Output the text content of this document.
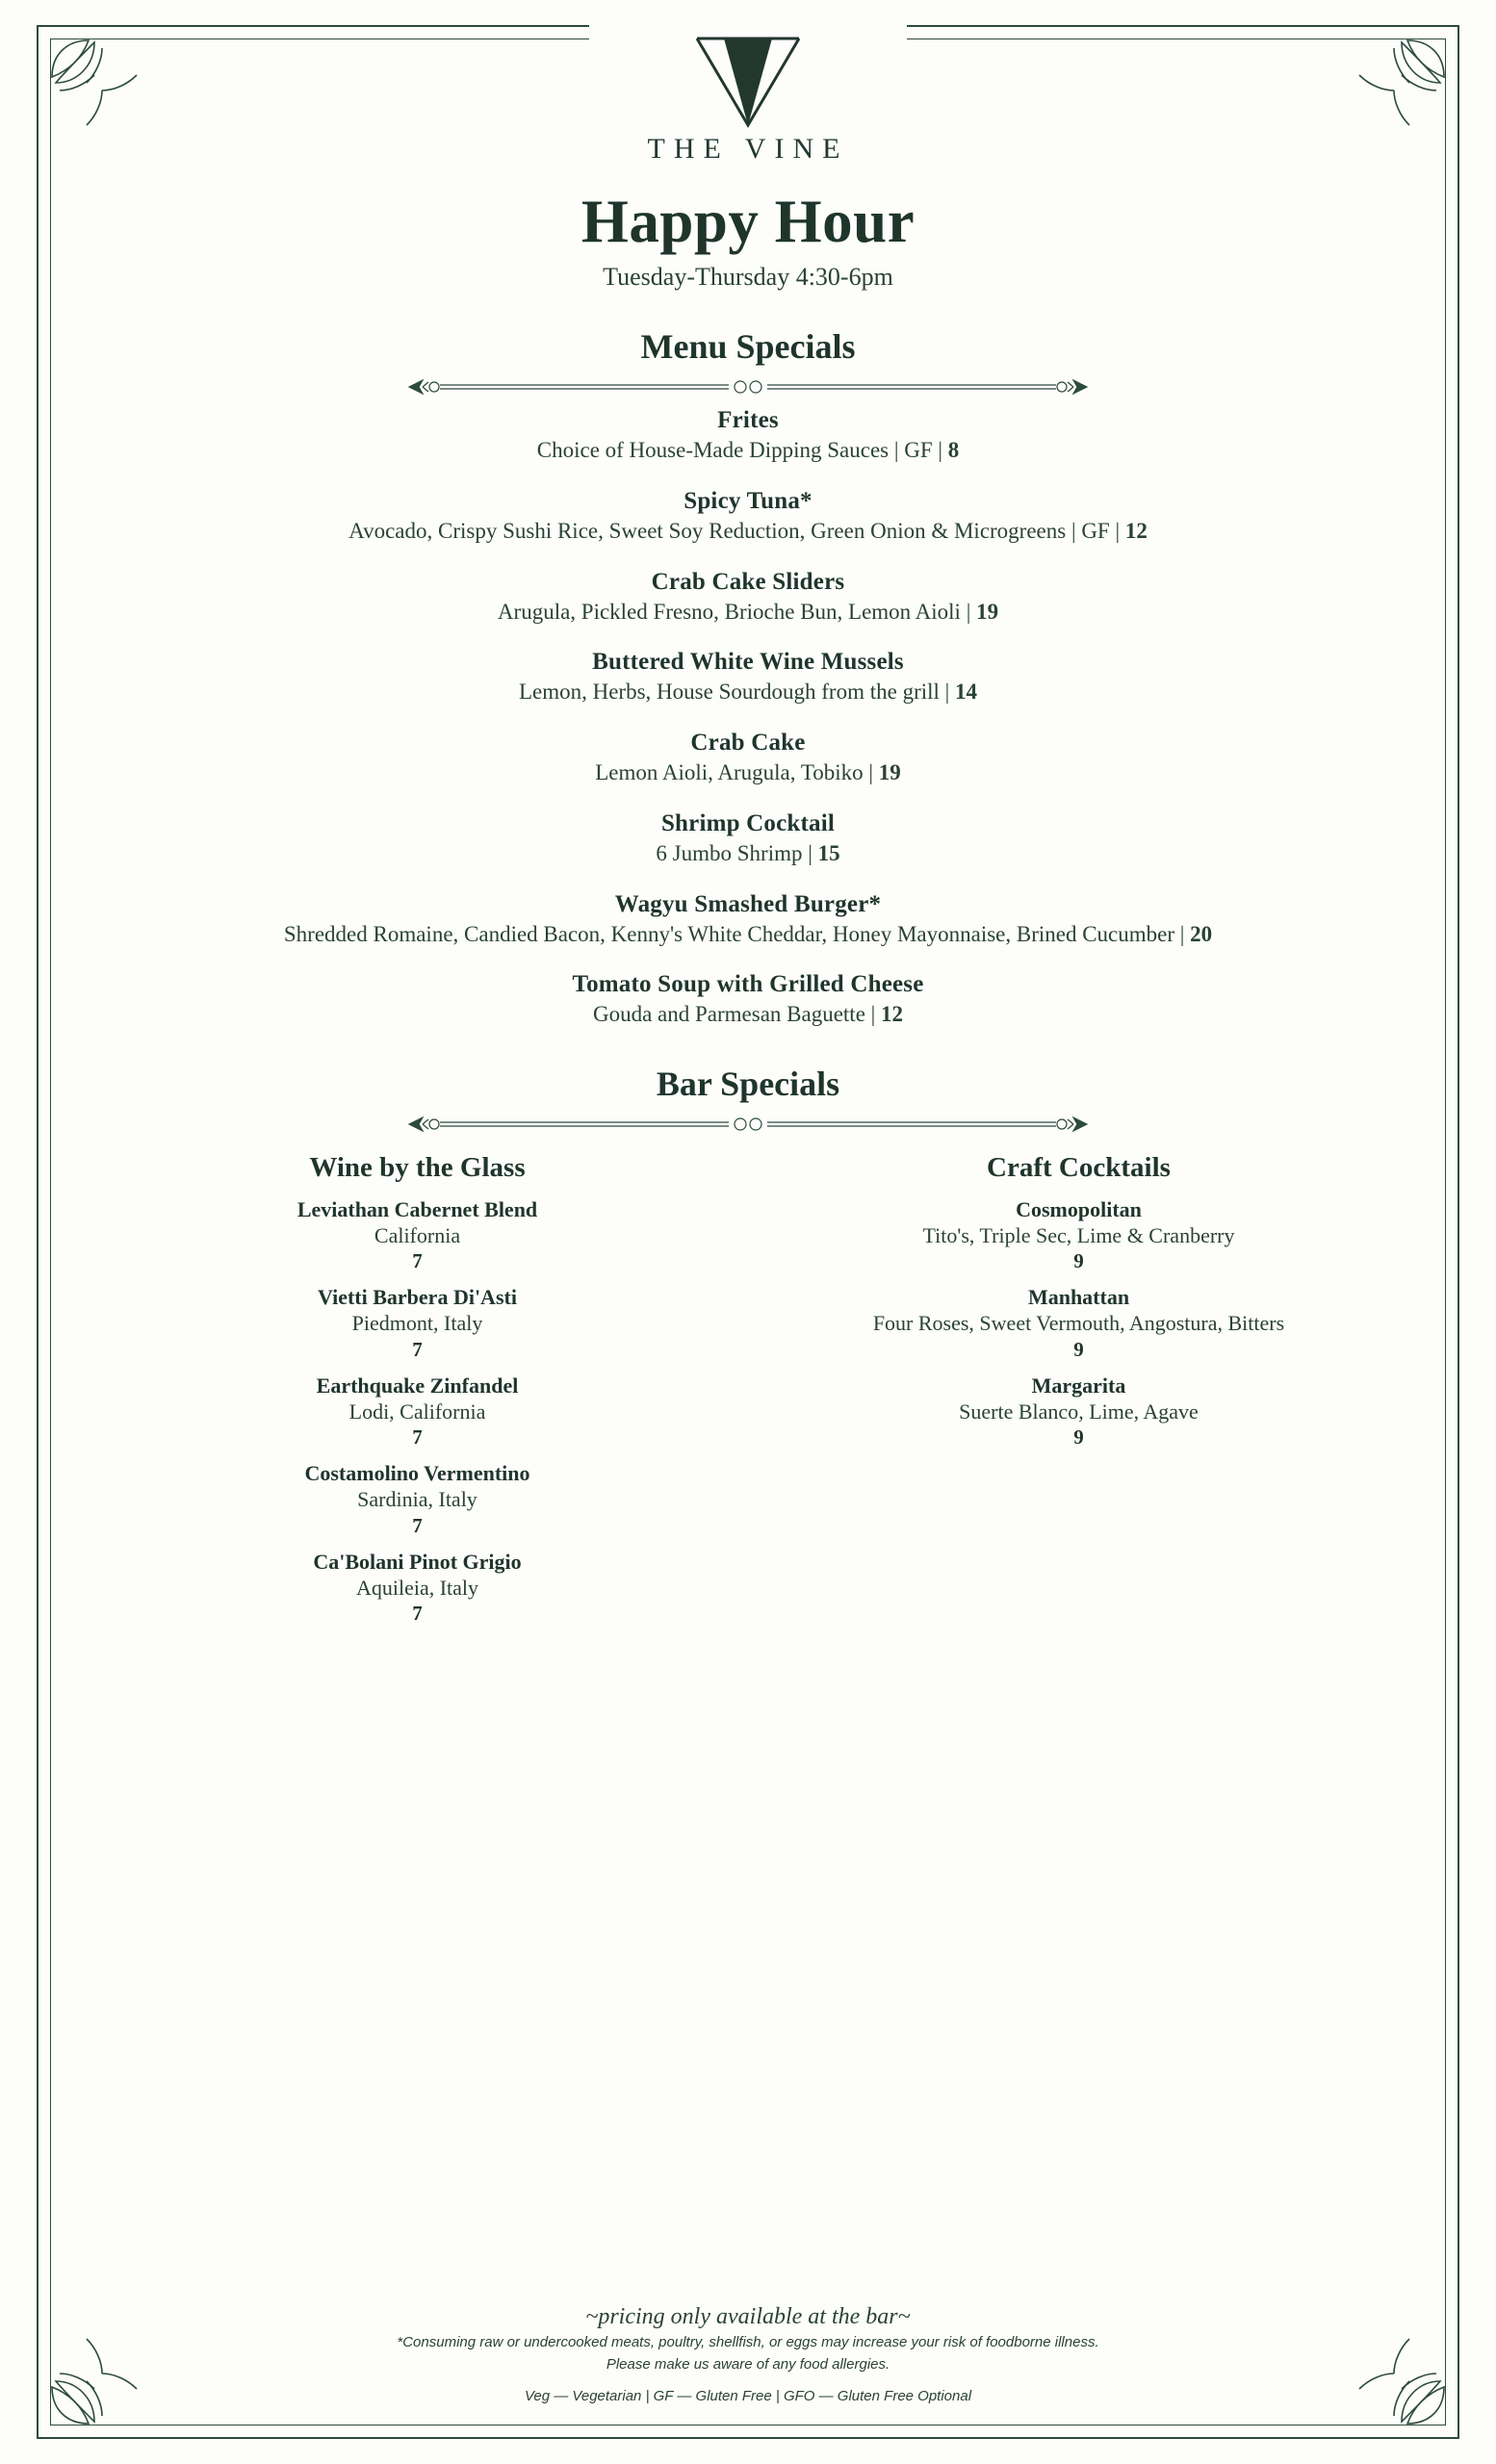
THE VINE
Happy Hour
Tuesday-Thursday 4:30-6pm
Menu Specials
Frites
Choice of House-Made Dipping Sauces | GF | 8
Spicy Tuna*
Avocado, Crispy Sushi Rice, Sweet Soy Reduction, Green Onion & Microgreens | GF | 12
Crab Cake Sliders
Arugula, Pickled Fresno, Brioche Bun, Lemon Aioli | 19
Buttered White Wine Mussels
Lemon, Herbs, House Sourdough from the grill | 14
Crab Cake
Lemon Aioli, Arugula, Tobiko | 19
Shrimp Cocktail
6 Jumbo Shrimp | 15
Wagyu Smashed Burger*
Shredded Romaine, Candied Bacon, Kenny's White Cheddar, Honey Mayonnaise, Brined Cucumber | 20
Tomato Soup with Grilled Cheese
Gouda and Parmesan Baguette | 12
Bar Specials
Wine by the Glass
Leviathan Cabernet Blend
California
7
Vietti Barbera Di'Asti
Piedmont, Italy
7
Earthquake Zinfandel
Lodi, California
7
Costamolino Vermentino
Sardinia, Italy
7
Ca'Bolani Pinot Grigio
Aquileia, Italy
7
Craft Cocktails
Cosmopolitan
Tito's, Triple Sec, Lime & Cranberry
9
Manhattan
Four Roses, Sweet Vermouth, Angostura, Bitters
9
Margarita
Suerte Blanco, Lime, Agave
9
~pricing only available at the bar~
*Consuming raw or undercooked meats, poultry, shellfish, or eggs may increase your risk of foodborne illness.
Please make us aware of any food allergies.
Veg — Vegetarian | GF — Gluten Free | GFO — Gluten Free Optional
